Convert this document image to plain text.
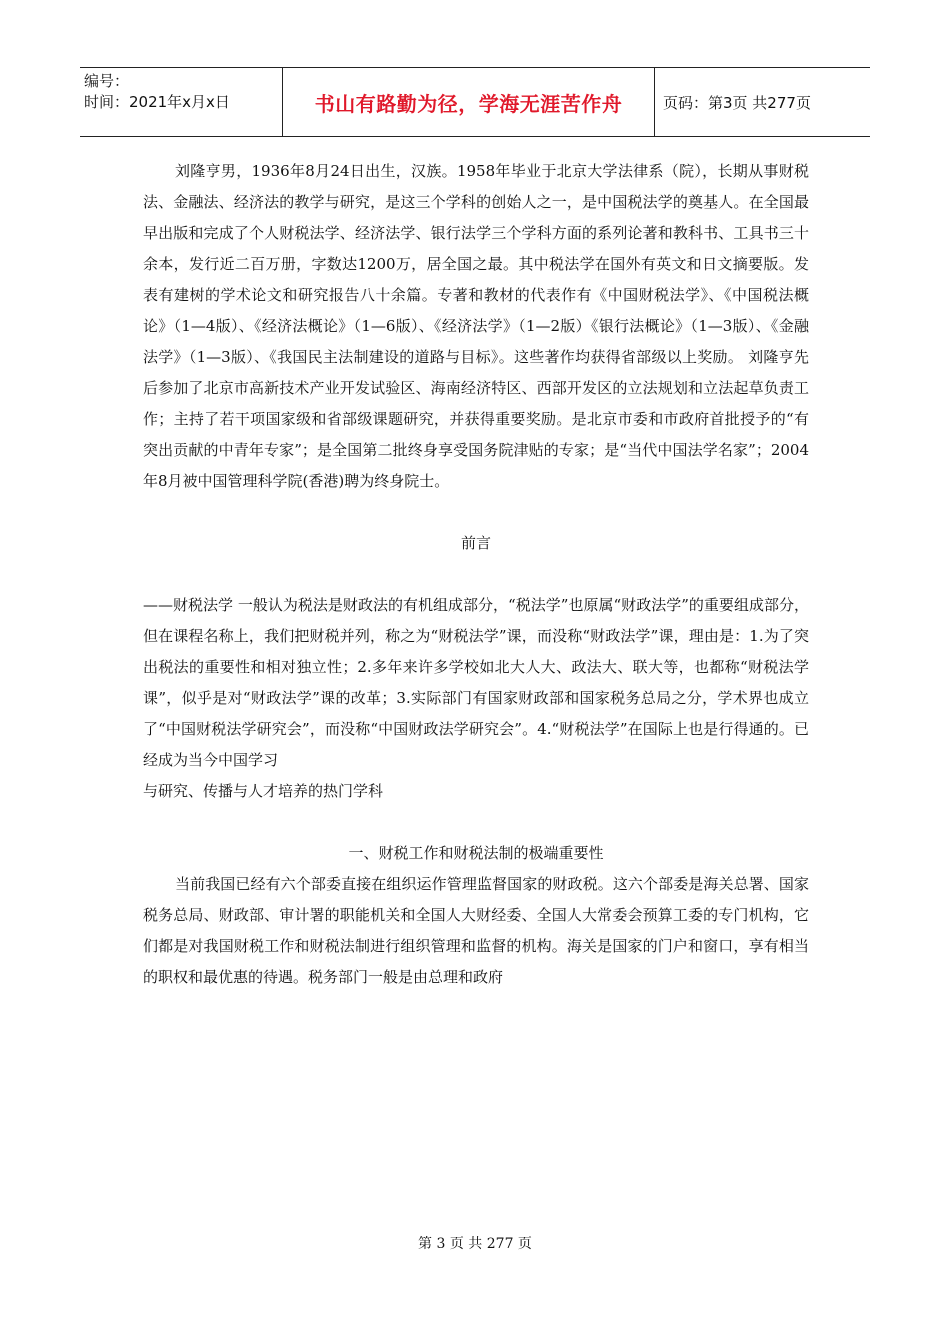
编号：
时间：2021年x月x日	书山有路勤为径，学海无涯苦作舟	页码：第3页 共277页

刘隆亨男，1936年8月24日出生，汉族。1958年毕业于北京大学法律系（院），长期从事财税法、金融法、经济法的教学与研究，是这三个学科的创始人之一，是中国税法学的奠基人。在全国最早出版和完成了个人财税法学、经济法学、银行法学三个学科方面的系列论著和教科书、工具书三十余本，发行近二百万册，字数达1200万，居全国之最。其中税法学在国外有英文和日文摘要版。发表有建树的学术论文和研究报告八十余篇。专著和教材的代表作有《中国财税法学》、《中国税法概论》（1—4版）、《经济法概论》（1—6版）、《经济法学》（1—2版）《银行法概论》（1—3版）、《金融法学》（1—3版）、《我国民主法制建设的道路与目标》。这些著作均获得省部级以上奖励。 刘隆亨先后参加了北京市高新技术产业开发试验区、海南经济特区、西部开发区的立法规划和立法起草负责工作；主持了若干项国家级和省部级课题研究，并获得重要奖励。是北京市委和市政府首批授予的“有突出贡献的中青年专家”；是全国第二批终身享受国务院津贴的专家；是“当代中国法学名家”；2004年8月被中国管理科学院(香港)聘为终身院士。

前言

——财税法学 一般认为税法是财政法的有机组成部分，“税法学”也原属“财政法学”的重要组成部分，但在课程名称上，我们把财税并列，称之为“财税法学”课，而没称“财政法学”课，理由是：1.为了突出税法的重要性和相对独立性；2.多年来许多学校如北大人大、政法大、联大等，也都称“财税法学课”，似乎是对“财政法学”课的改革；3.实际部门有国家财政部和国家税务总局之分，学术界也成立了“中国财税法学研究会”，而没称“中国财政法学研究会”。4.“财税法学”在国际上也是行得通的。已经成为当今中国学习

与研究、传播与人才培养的热门学科

一、财税工作和财税法制的极端重要性

当前我国已经有六个部委直接在组织运作管理监督国家的财政税。这六个部委是海关总署、国家税务总局、财政部、审计署的职能机关和全国人大财经委、全国人大常委会预算工委的专门机构，它们都是对我国财税工作和财税法制进行组织管理和监督的机构。海关是国家的门户和窗口，享有相当的职权和最优惠的待遇。税务部门一般是由总理和政府

第 3 页 共 277 页
